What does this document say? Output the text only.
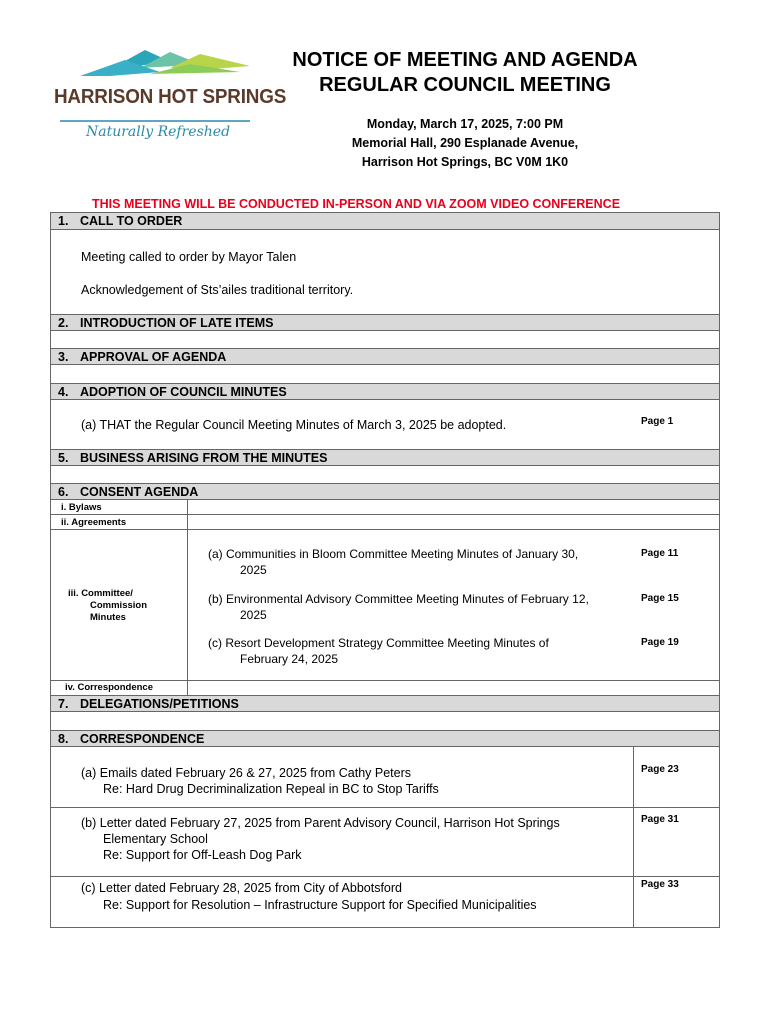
HARRISON HOT SPRINGS
Naturally Refreshed
NOTICE OF MEETING AND AGENDA
REGULAR COUNCIL MEETING
Monday, March 17, 2025, 7:00 PM
Memorial Hall, 290 Esplanade Avenue,
Harrison Hot Springs, BC V0M 1K0
THIS MEETING WILL BE CONDUCTED IN-PERSON AND VIA ZOOM VIDEO CONFERENCE
1. CALL TO ORDER
Meeting called to order by Mayor Talen
Acknowledgement of Sts’ailes traditional territory.
2. INTRODUCTION OF LATE ITEMS
3. APPROVAL OF AGENDA
4. ADOPTION OF COUNCIL MINUTES
(a) THAT the Regular Council Meeting Minutes of March 3, 2025 be adopted.	Page 1
5. BUSINESS ARISING FROM THE MINUTES
6. CONSENT AGENDA
i. Bylaws
ii. Agreements
iii. Committee/
Commission
Minutes
iv. Correspondence
(a) Communities in Bloom Committee Meeting Minutes of January 30,
2025
Page 11
(b) Environmental Advisory Committee Meeting Minutes of February 12,
2025
Page 15
(c) Resort Development Strategy Committee Meeting Minutes of
February 24, 2025
Page 19
7. DELEGATIONS/PETITIONS
8. CORRESPONDENCE
(a) Emails dated February 26 & 27, 2025 from Cathy Peters
Re: Hard Drug Decriminalization Repeal in BC to Stop Tariffs
Page 23
(b) Letter dated February 27, 2025 from Parent Advisory Council, Harrison Hot Springs
Elementary School
Re: Support for Off-Leash Dog Park
Page 31
(c) Letter dated February 28, 2025 from City of Abbotsford
Re: Support for Resolution – Infrastructure Support for Specified Municipalities
Page 33
